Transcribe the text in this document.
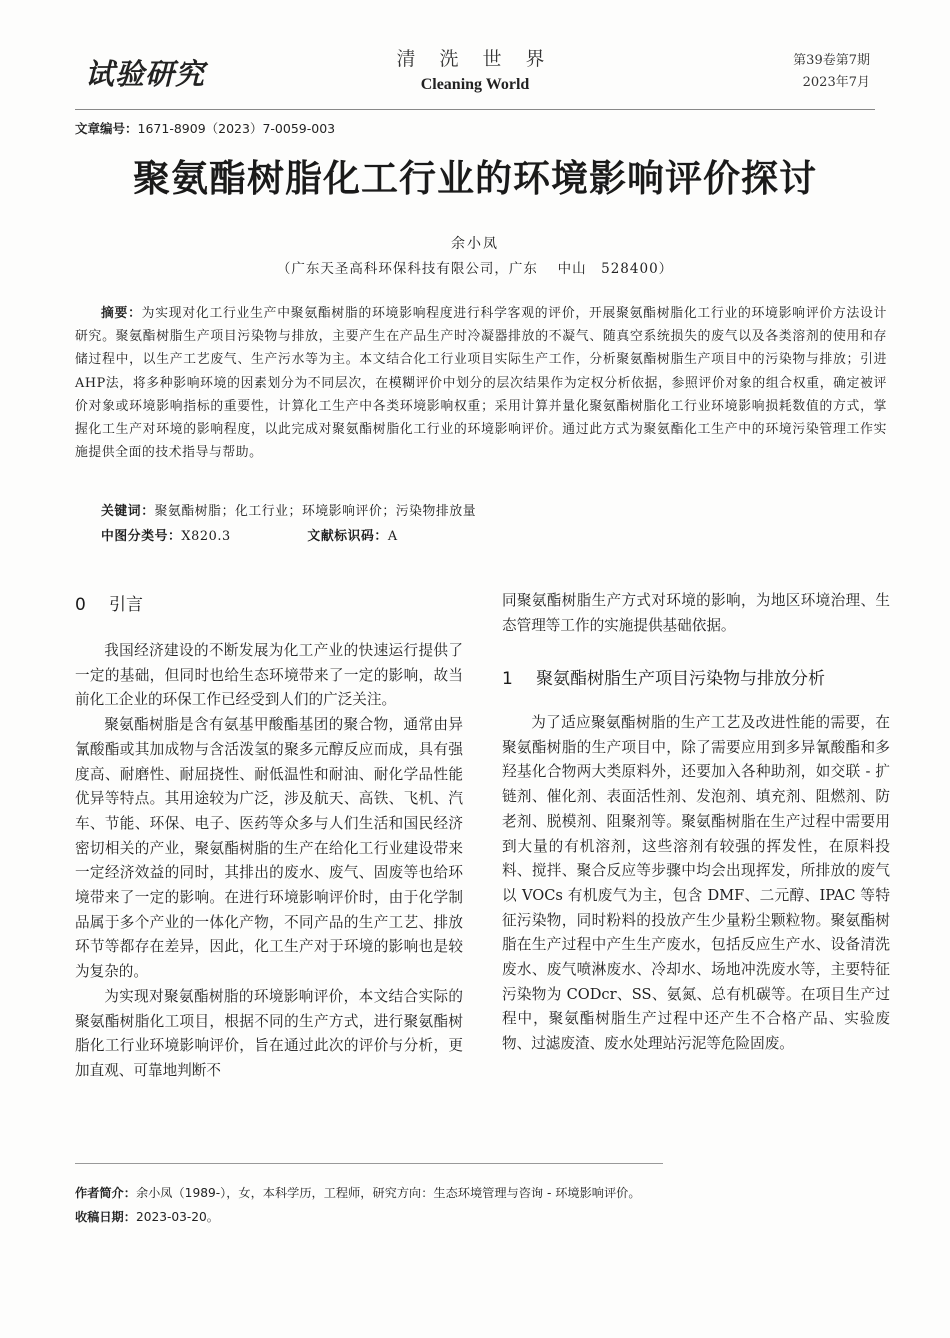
试验研究	清 洗 世 界
Cleaning World
第39卷第7期
2023年7月
文章编号：1671-8909（2023）7-0059-003
聚氨酯树脂化工行业的环境影响评价探讨
余小凤
（广东天圣高科环保科技有限公司，广东　 中山　528400）
摘要：为实现对化工行业生产中聚氨酯树脂的环境影响程度进行科学客观的评价，开展聚氨酯树脂化工行业的环境影响评价方法设计研究。聚氨酯树脂生产项目污染物与排放，主要产生在产品生产时冷凝器排放的不凝气、随真空系统损失的废气以及各类溶剂的使用和存储过程中，以生产工艺废气、生产污水等为主。本文结合化工行业项目实际生产工作，分析聚氨酯树脂生产项目中的污染物与排放；引进AHP法，将多种影响环境的因素划分为不同层次，在模糊评价中划分的层次结果作为定权分析依据，参照评价对象的组合权重，确定被评价对象或环境影响指标的重要性，计算化工生产中各类环境影响权重；采用计算并量化聚氨酯树脂化工行业环境影响损耗数值的方式，掌握化工生产对环境的影响程度，以此完成对聚氨酯树脂化工行业的环境影响评价。通过此方式为聚氨酯化工生产中的环境污染管理工作实施提供全面的技术指导与帮助。
关键词：聚氨酯树脂；化工行业；环境影响评价；污染物排放量
中图分类号：X820.3	文献标识码：A
0 引言

我国经济建设的不断发展为化工产业的快速运行提供了一定的基础，但同时也给生态环境带来了一定的影响，故当前化工企业的环保工作已经受到人们的广泛关注。

聚氨酯树脂是含有氨基甲酸酯基团的聚合物，通常由异氰酸酯或其加成物与含活泼氢的聚多元醇反应而成，具有强度高、耐磨性、耐屈挠性、耐低温性和耐油、耐化学品性能优异等特点。其用途较为广泛，涉及航天、高铁、飞机、汽车、节能、环保、电子、医药等众多与人们生活和国民经济密切相关的产业，聚氨酯树脂的生产在给化工行业建设带来一定经济效益的同时，其排出的废水、废气、固废等也给环境带来了一定的影响。在进行环境影响评价时，由于化学制品属于多个产业的一体化产物，不同产品的生产工艺、排放环节等都存在差异，因此，化工生产对于环境的影响也是较为复杂的。

为实现对聚氨酯树脂的环境影响评价，本文结合实际的聚氨酯树脂化工项目，根据不同的生产方式，进行聚氨酯树脂化工行业环境影响评价，旨在通过此次的评价与分析，更加直观、可靠地判断不

同聚氨酯树脂生产方式对环境的影响，为地区环境治理、生态管理等工作的实施提供基础依据。

1 聚氨酯树脂生产项目污染物与排放分析

为了适应聚氨酯树脂的生产工艺及改进性能的需要，在聚氨酯树脂的生产项目中，除了需要应用到多异氰酸酯和多羟基化合物两大类原料外，还要加入各种助剂，如交联 - 扩链剂、催化剂、表面活性剂、发泡剂、填充剂、阻燃剂、防老剂、脱模剂、阻聚剂等。聚氨酯树脂在生产过程中需要用到大量的有机溶剂，这些溶剂有较强的挥发性，在原料投料、搅拌、聚合反应等步骤中均会出现挥发，所排放的废气以 VOCs 有机废气为主，包含 DMF、二元醇、IPAC 等特征污染物，同时粉料的投放产生少量粉尘颗粒物。聚氨酯树脂在生产过程中产生生产废水，包括反应生产水、设备清洗废水、废气喷淋废水、冷却水、场地冲洗废水等，主要特征污染物为 CODcr、SS、氨氮、总有机碳等。在项目生产过程中，聚氨酯树脂生产过程中还产生不合格产品、实验废物、过滤废渣、废水处理站污泥等危险固废。

作者简介：余小凤（1989-），女，本科学历，工程师，研究方向：生态环境管理与咨询 - 环境影响评价。
收稿日期：2023-03-20。
